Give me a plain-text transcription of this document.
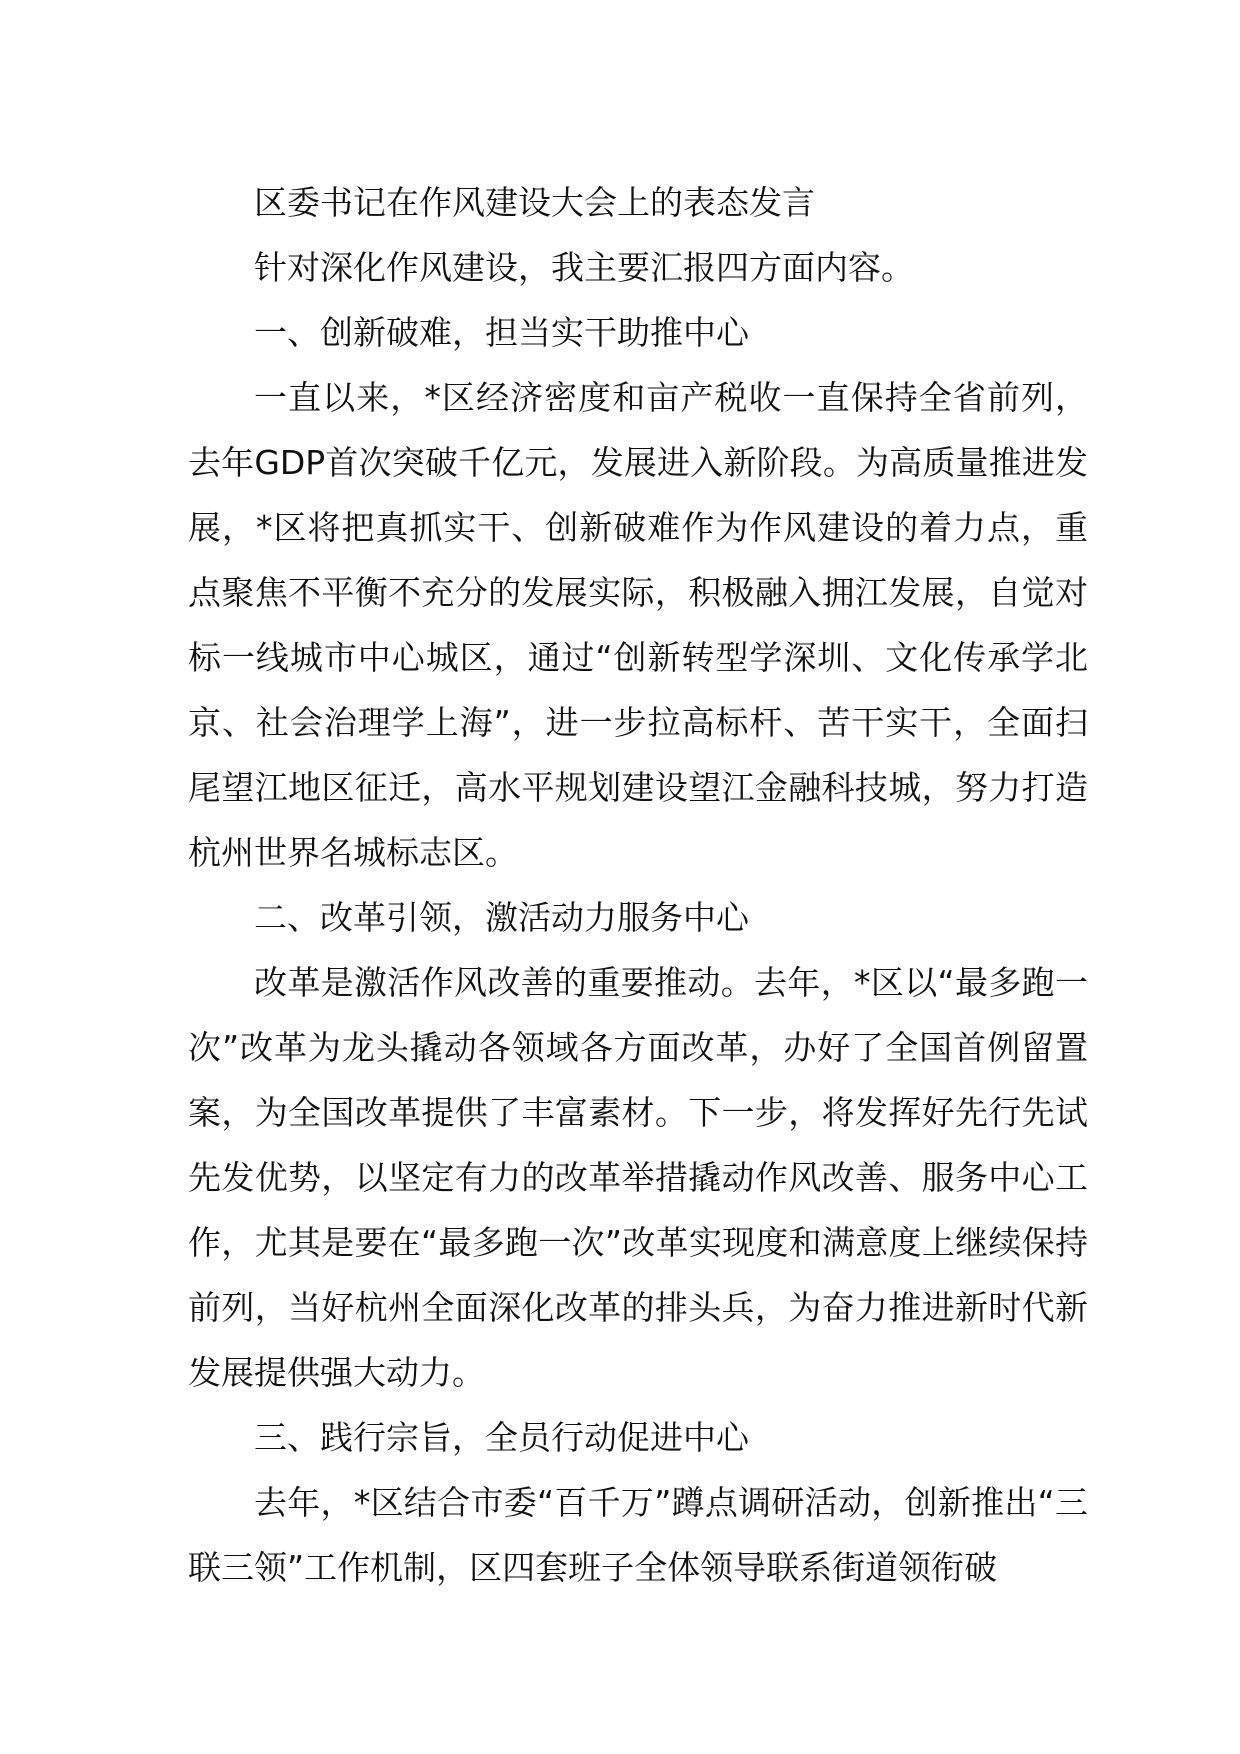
区委书记在作风建设大会上的表态发言

针对深化作风建设，我主要汇报四方面内容。

一、创新破难，担当实干助推中心

一直以来，*区经济密度和亩产税收一直保持全省前列，去年GDP首次突破千亿元，发展进入新阶段。为高质量推进发展，*区将把真抓实干、创新破难作为作风建设的着力点，重点聚焦不平衡不充分的发展实际，积极融入拥江发展，自觉对标一线城市中心城区，通过“创新转型学深圳、文化传承学北京、社会治理学上海”，进一步拉高标杆、苦干实干，全面扫尾望江地区征迁，高水平规划建设望江金融科技城，努力打造杭州世界名城标志区。

二、改革引领，激活动力服务中心

改革是激活作风改善的重要推动。去年，*区以“最多跑一次”改革为龙头撬动各领域各方面改革，办好了全国首例留置案，为全国改革提供了丰富素材。下一步，将发挥好先行先试先发优势，以坚定有力的改革举措撬动作风改善、服务中心工作，尤其是要在“最多跑一次”改革实现度和满意度上继续保持前列，当好杭州全面深化改革的排头兵，为奋力推进新时代新发展提供强大动力。

三、践行宗旨，全员行动促进中心

去年，*区结合市委“百千万”蹲点调研活动，创新推出“三联三领”工作机制，区四套班子全体领导联系街道领衔破
